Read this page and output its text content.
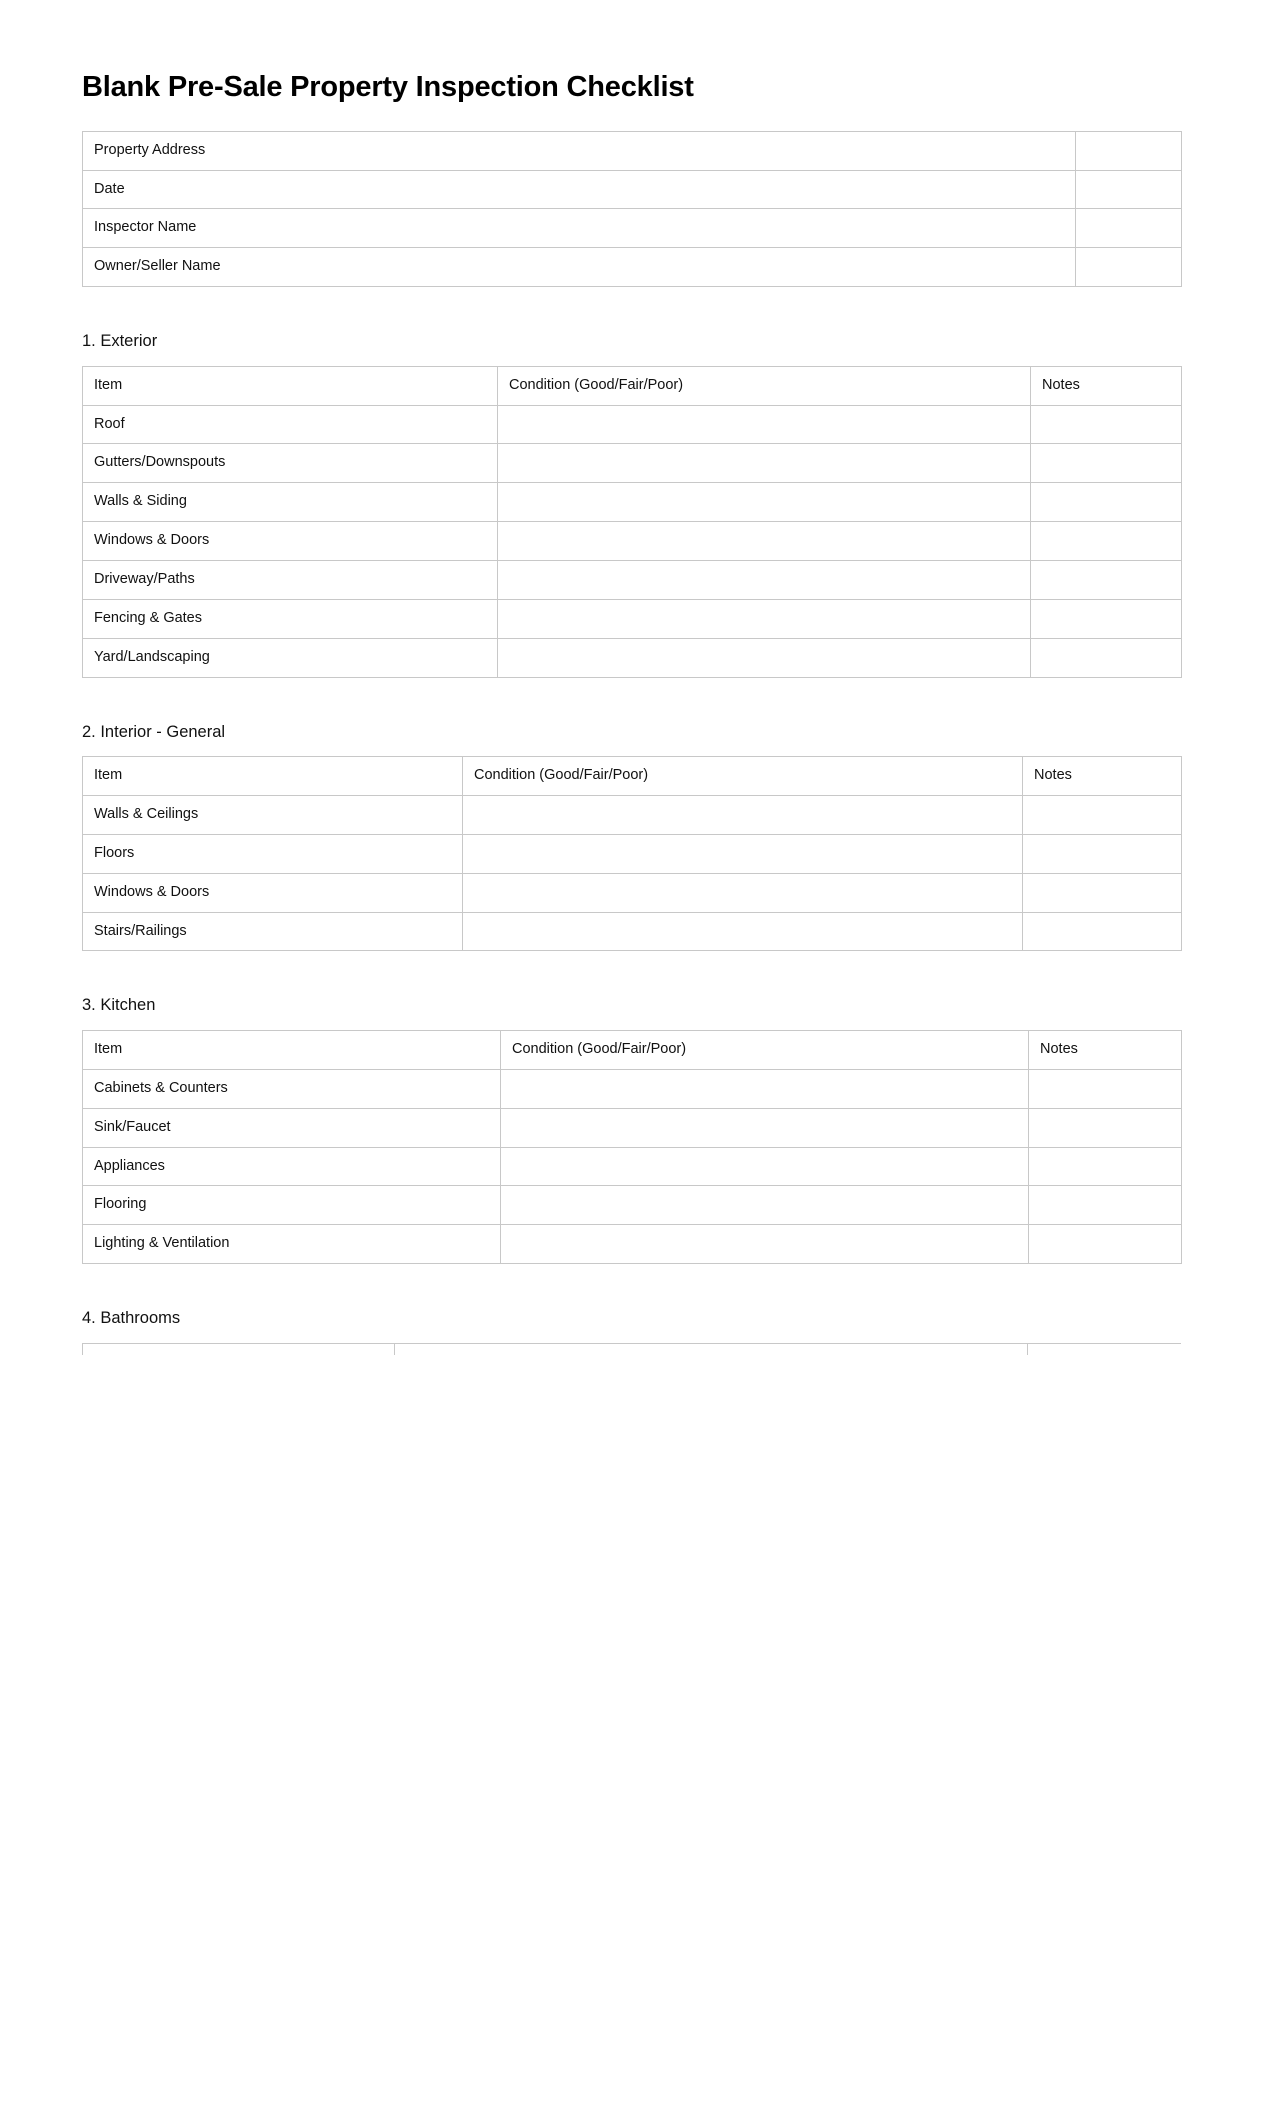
Blank Pre-Sale Property Inspection Checklist
Property Address	
Date	
Inspector Name	
Owner/Seller Name	
1. Exterior
Item	Condition (Good/Fair/Poor)	Notes
Roof		
Gutters/Downspouts		
Walls & Siding		
Windows & Doors		
Driveway/Paths		
Fencing & Gates		
Yard/Landscaping		
2. Interior - General
Item	Condition (Good/Fair/Poor)	Notes
Walls & Ceilings		
Floors		
Windows & Doors		
Stairs/Railings		
3. Kitchen
Item	Condition (Good/Fair/Poor)	Notes
Cabinets & Counters		
Sink/Faucet		
Appliances		
Flooring		
Lighting & Ventilation		
4. Bathrooms
